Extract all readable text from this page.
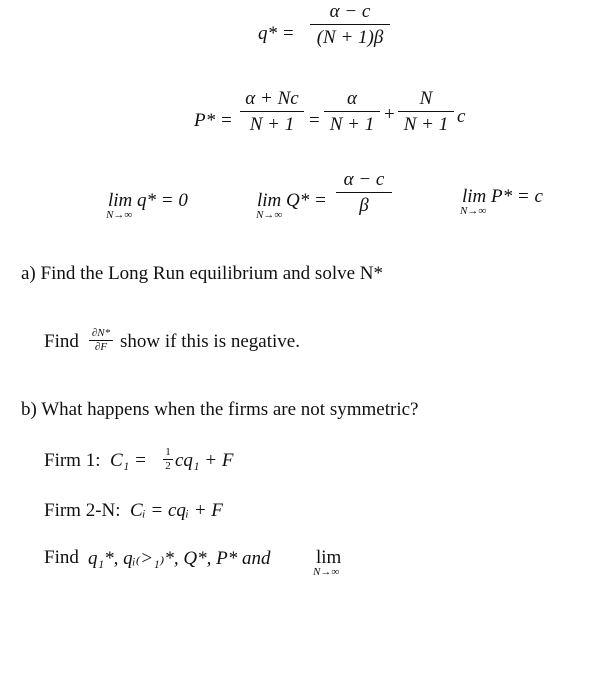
q* =
α − c
(N + 1)β
P* =
α + Nc
N + 1 =
α
N + 1 +
N
N + 1 c
lim q* = 0
N→∞
lim Q* =
N→∞
α − c
β	lim P* = c
N→∞
a) Find the Long Run equilibrium and solve N*
Find ∂N*
∂F show if this is negative.
b) What happens when the firms are not symmetric?
Firm 1: C₁ = 1
2 cq₁ + F
Firm 2-N: Cᵢ = cqᵢ + F
Find q₁*, qᵢ₍>₁₎*, Q*, P* and lim
N→∞
